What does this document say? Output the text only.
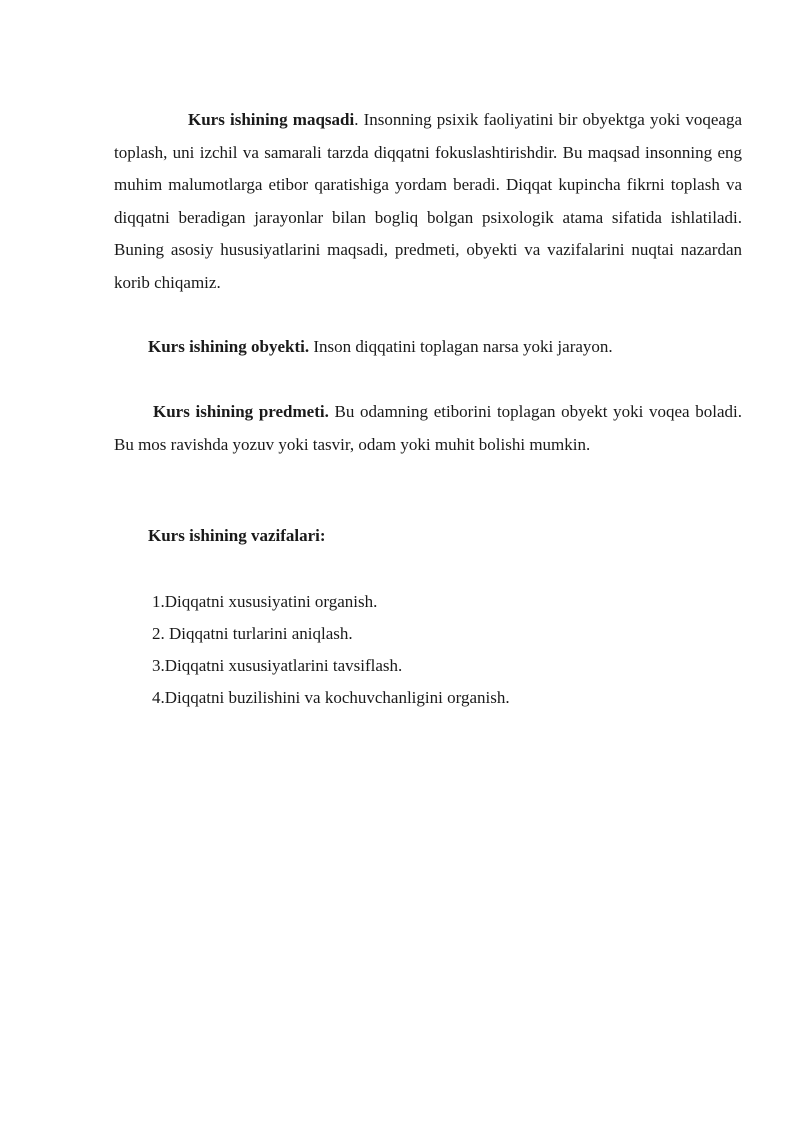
Kurs ishining maqsadi. Insonning psixik faoliyatini bir obyektga yoki voqeaga toplash, uni izchil va samarali tarzda diqqatni fokuslashtirishdir. Bu maqsad insonning eng muhim malumotlarga etibor qaratishiga yordam beradi. Diqqat kupincha fikrni toplash va diqqatni beradigan jarayonlar bilan bogliq bolgan psixologik atama sifatida ishlatiladi. Buning asosiy hususiyatlarini maqsadi, predmeti, obyekti va vazifalarini nuqtai nazardan korib chiqamiz.

Kurs ishining obyekti. Inson diqqatini toplagan narsa yoki jarayon.

Kurs ishining predmeti. Bu odamning etiborini toplagan obyekt yoki voqea boladi. Bu mos ravishda yozuv yoki tasvir, odam yoki muhit bolishi mumkin.

Kurs ishining vazifalari:

1.Diqqatni xususiyatini organish.
2. Diqqatni turlarini aniqlash.
3.Diqqatni xususiyatlarini tavsiflash.
4.Diqqatni buzilishini va kochuvchanligini organish.
